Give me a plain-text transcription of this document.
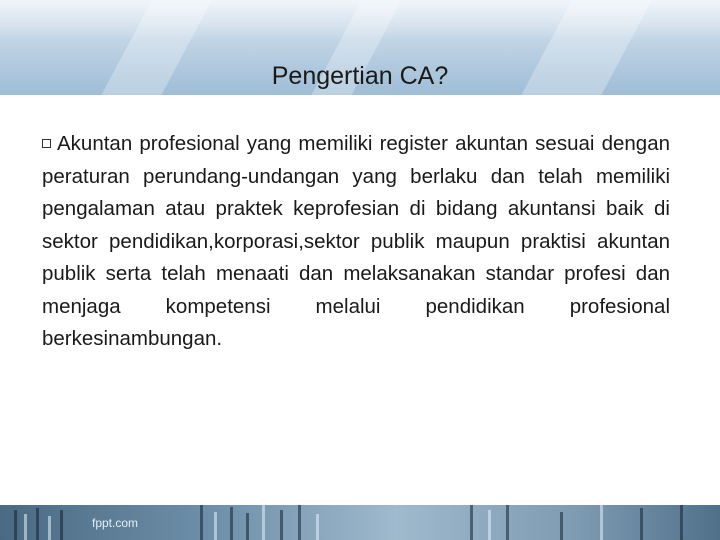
Pengertian CA?

Akuntan profesional yang memiliki register akuntan sesuai dengan peraturan perundang-undangan yang berlaku dan telah memiliki pengalaman atau praktek keprofesian di bidang akuntansi baik di sektor pendidikan,korporasi,sektor publik maupun praktisi akuntan publik serta telah menaati dan melaksanakan standar profesi dan menjaga kompetensi melalui pendidikan profesional berkesinambungan.

fppt.com
